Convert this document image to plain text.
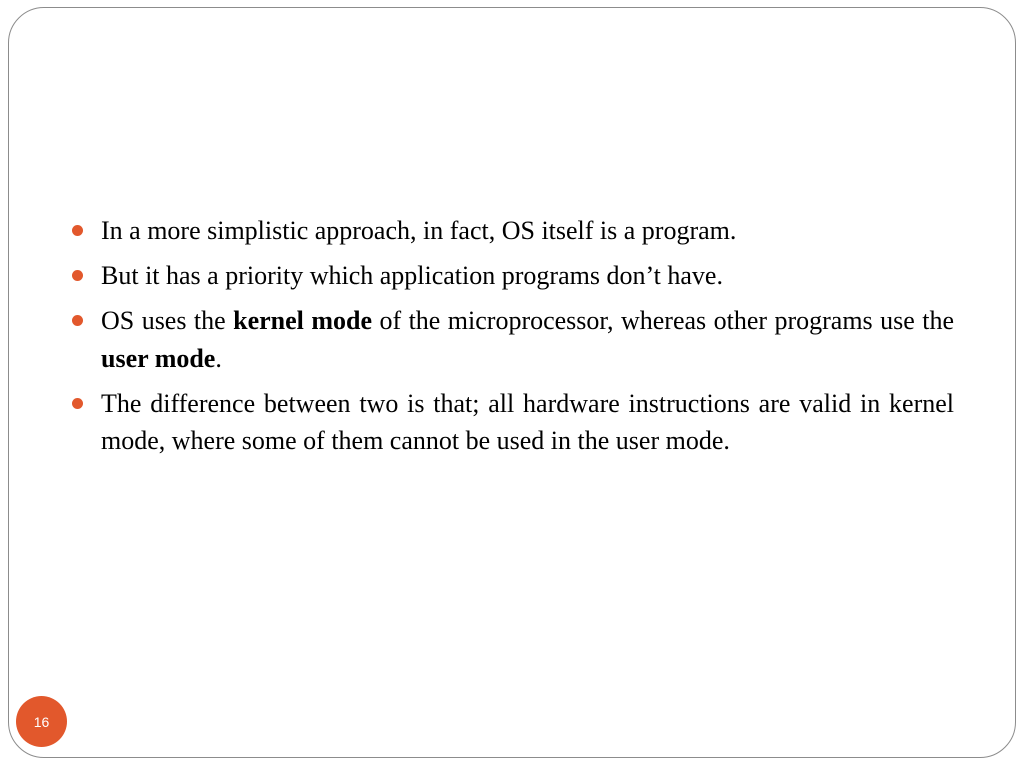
In a more simplistic approach, in fact, OS itself is a program.
But it has a priority which application programs don’t have.
OS uses the kernel mode of the microprocessor, whereas other programs use the user mode.
The difference between two is that; all hardware instructions are valid in kernel mode, where some of them cannot be used in the user mode.
16
